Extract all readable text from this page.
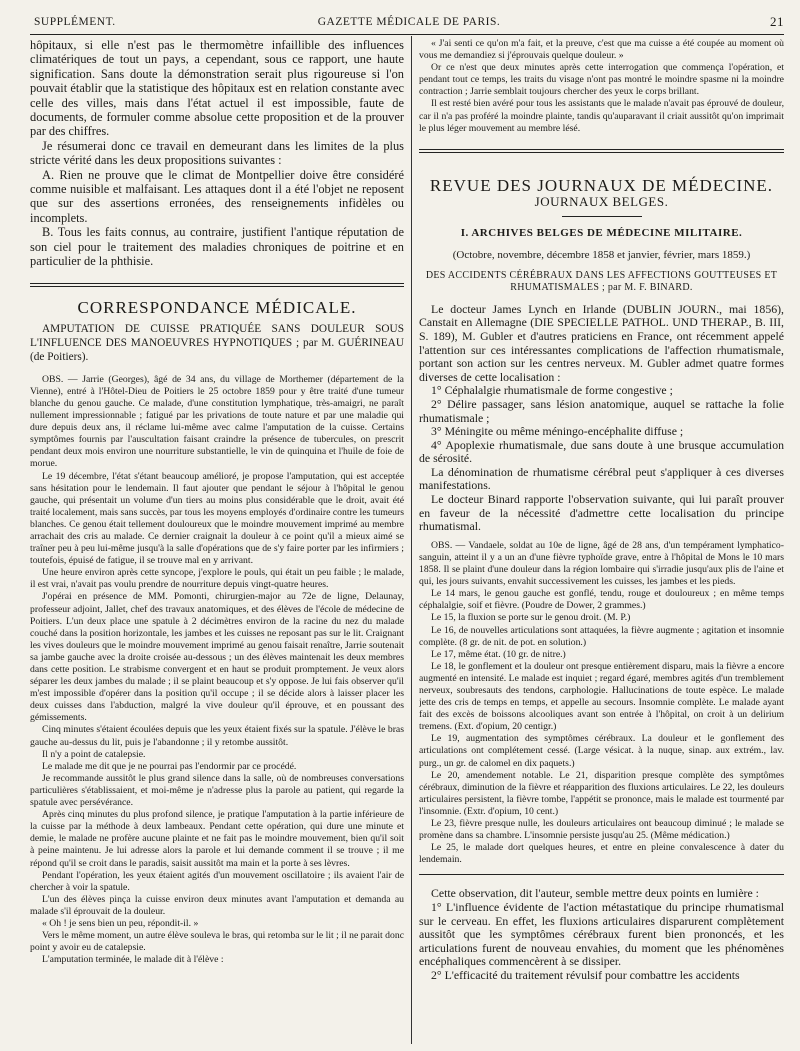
SUPPLÉMENT.	GAZETTE MÉDICALE DE PARIS.	21

hôpitaux, si elle n'est pas le thermomètre infaillible des influences climatériques de tout un pays, a cependant, sous ce rapport, une haute signification. Sans doute la démonstration serait plus rigoureuse si l'on pouvait établir que la statistique des hôpitaux est en relation constante avec celle des villes, mais dans l'état actuel il est impossible, faute de documents, de formuler comme absolue cette proposition et de la prouver par des chiffres.

Je résumerai donc ce travail en demeurant dans les limites de la plus stricte vérité dans les deux propositions suivantes :

A. Rien ne prouve que le climat de Montpellier doive être considéré comme nuisible et malfaisant. Les attaques dont il a été l'objet ne reposent que sur des assertions erronées, des renseignements infidèles ou incomplets.

B. Tous les faits connus, au contraire, justifient l'antique réputation de son ciel pour le traitement des maladies chroniques de poitrine et en particulier de la phthisie.

CORRESPONDANCE MÉDICALE.
AMPUTATION DE CUISSE PRATIQUÉE SANS DOULEUR SOUS L'INFLUENCE DES MANOEUVRES HYPNOTIQUES ; par M. GUÉRINEAU (de Poitiers).

OBS. — Jarrie (Georges), âgé de 34 ans, du village de Morthemer (département de la Vienne), entré à l'Hôtel-Dieu de Poitiers le 25 octobre 1859 pour y être traité d'une tumeur blanche du genou gauche. Ce malade, d'une constitution lymphatique, très-amaigri, ne paraît nullement impressionnable ; fatigué par les privations de toute nature et par une maladie qui dure depuis deux ans, il réclame lui-même avec calme l'amputation de la cuisse. Certains symptômes fournis par l'auscultation faisant craindre la présence de tubercules, on prescrit pendant deux mois environ une nourriture substantielle, le vin de quinquina et l'huile de foie de morue.

Le 19 décembre, l'état s'étant beaucoup amélioré, je propose l'amputation, qui est acceptée sans hésitation pour le lendemain. Il faut ajouter que pendant le séjour à l'hôpital le genou gauche, qui présentait un volume d'un tiers au moins plus considérable que le droit, avait été traité localement, mais sans succès, par tous les moyens employés d'ordinaire contre les tumeurs blanches. Ce genou était tellement douloureux que le moindre mouvement imprimé au membre arrachait des cris au malade. Ce dernier craignait la douleur à ce point qu'il a mieux aimé se traîner peu à peu lui-même jusqu'à la salle d'opérations que de s'y faire porter par les infirmiers ; toutefois, épuisé de fatigue, il se trouve mal en y arrivant.

Une heure environ après cette syncope, j'explore le pouls, qui était un peu faible ; le malade, il est vrai, n'avait pas voulu prendre de nourriture depuis vingt-quatre heures.

J'opérai en présence de MM. Pomonti, chirurgien-major au 72e de ligne, Delaunay, professeur adjoint, Jallet, chef des travaux anatomiques, et des élèves de l'école de médecine de Poitiers. L'un deux place une spatule à 2 décimètres environ de la racine du nez du malade couché dans la position horizontale, les jambes et les cuisses ne reposant pas sur le lit. Craignant les vives douleurs que le moindre mouvement imprimé au genou faisait renaître, Jarrie soutenait sa jambe gauche avec la droite croisée au-dessous ; un des élèves maintenait les deux membres dans cette position. Le strabisme convergent et en haut se produit promptement. Je veux alors séparer les deux jambes du malade ; il se plaint beaucoup et s'y oppose. Je lui fais observer qu'il m'est impossible d'opérer dans la position qu'il occupe ; il se décide alors à laisser placer les deux cuisses dans l'abduction, malgré la vive douleur qu'il éprouve, et en poussant des gémissements.

Cinq minutes s'étaient écoulées depuis que les yeux étaient fixés sur la spatule. J'élève le bras gauche au-dessus du lit, puis je l'abandonne ; il y retombe aussitôt.

Il n'y a point de catalepsie.

Le malade me dit que je ne pourrai pas l'endormir par ce procédé.

Je recommande aussitôt le plus grand silence dans la salle, où de nombreuses conversations particulières s'établissaient, et moi-même je n'adresse plus la parole au patient, qui regarde la spatule avec persévérance.

Après cinq minutes du plus profond silence, je pratique l'amputation à la partie inférieure de la cuisse par la méthode à deux lambeaux. Pendant cette opération, qui dure une minute et demie, le malade ne profère aucune plainte et ne fait pas le moindre mouvement, bien qu'il soit à peine maintenu. Je lui adresse alors la parole et lui demande comment il se trouve ; il me répond qu'il se croit dans le paradis, saisit aussitôt ma main et la porte à ses lèvres.

Pendant l'opération, les yeux étaient agités d'un mouvement oscillatoire ; ils avaient l'air de chercher à voir la spatule.

L'un des élèves pinça la cuisse environ deux minutes avant l'amputation et demanda au malade s'il éprouvait de la douleur.

« Oh ! je sens bien un peu, répondit-il. »

Vers le même moment, un autre élève souleva le bras, qui retomba sur le lit ; il ne parait donc point y avoir eu de catalepsie.

L'amputation terminée, le malade dit à l'élève :

« J'ai senti ce qu'on m'a fait, et la preuve, c'est que ma cuisse a été coupée au moment où vous me demandiez si j'éprouvais quelque douleur. »

Or ce n'est que deux minutes après cette interrogation que commença l'opération, et pendant tout ce temps, les traits du visage n'ont pas montré le moindre spasme ni la moindre contraction ; Jarrie semblait toujours chercher des yeux le corps brillant.

Il est resté bien avéré pour tous les assistants que le malade n'avait pas éprouvé de douleur, car il n'a pas proféré la moindre plainte, tandis qu'auparavant il criait aussitôt qu'on imprimait le plus léger mouvement au membre lésé.

REVUE DES JOURNAUX DE MÉDECINE.
JOURNAUX BELGES.
I. ARCHIVES BELGES DE MÉDECINE MILITAIRE.
(Octobre, novembre, décembre 1858 et janvier, février, mars 1859.)
DES ACCIDENTS CÉRÉBRAUX DANS LES AFFECTIONS GOUTTEUSES ET RHUMATISMALES ; par M. F. BINARD.

Le docteur James Lynch en Irlande (DUBLIN JOURN., mai 1856), Canstait en Allemagne (DIE SPECIELLE PATHOL. UND THERAP., B. III, S. 189), M. Gubler et d'autres praticiens en France, ont récemment appelé l'attention sur ces intéressantes complications de l'affection rhumatismale, portant son action sur les centres nerveux. M. Gubler admet quatre formes diverses de cette localisation :

1° Céphalalgie rhumatismale de forme congestive ;

2° Délire passager, sans lésion anatomique, auquel se rattache la folie rhumatismale ;

3° Méningite ou même méningo-encéphalite diffuse ;

4° Apoplexie rhumatismale, due sans doute à une brusque accumulation de sérosité.

La dénomination de rhumatisme cérébral peut s'appliquer à ces diverses manifestations.

Le docteur Binard rapporte l'observation suivante, qui lui paraît prouver en faveur de la nécessité d'admettre cette localisation du principe rhumatismal.

OBS. — Vandaele, soldat au 10e de ligne, âgé de 28 ans, d'un tempérament lymphatico-sanguin, atteint il y a un an d'une fièvre typhoïde grave, entre à l'hôpital de Mons le 10 mars 1858. Il se plaint d'une douleur dans la région lombaire qui s'irradie jusqu'aux plis de l'aine et qui, les jours suivants, envahit successivement les cuisses, les jambes et les pieds.

Le 14 mars, le genou gauche est gonflé, tendu, rouge et douloureux ; en même temps céphalalgie, soif et fièvre. (Poudre de Dower, 2 grammes.)

Le 15, la fluxion se porte sur le genou droit. (M. P.)

Le 16, de nouvelles articulations sont attaquées, la fièvre augmente ; agitation et insomnie complète. (8 gr. de nit. de pot. en solution.)

Le 17, même état. (10 gr. de nitre.)

Le 18, le gonflement et la douleur ont presque entièrement disparu, mais la fièvre a encore augmenté en intensité. Le malade est inquiet ; regard égaré, membres agités d'un tremblement nerveux, soubresauts des tendons, carphologie. Hallucinations de toute espèce. Le malade jette des cris de temps en temps, et appelle au secours. Insomnie complète. Le malade ayant fait des excès de boissons alcooliques avant son entrée à l'hôpital, on croit à un delirium tremens. (Ext. d'opium, 20 centigr.)

Le 19, augmentation des symptômes cérébraux. La douleur et le gonflement des articulations ont complétement cessé. (Large vésicat. à la nuque, sinap. aux extrém., lav. purg., un gr. de calomel en dix paquets.)

Le 20, amendement notable. Le 21, disparition presque complète des symptômes cérébraux, diminution de la fièvre et réapparition des fluxions articulaires. Le 22, les douleurs articulaires persistent, la fièvre tombe, l'appétit se prononce, mais le malade est tourmenté par l'insomnie. (Extr. d'opium, 10 cent.)

Le 23, fièvre presque nulle, les douleurs articulaires ont beaucoup diminué ; le malade se promène dans sa chambre. L'insomnie persiste jusqu'au 25. (Même médication.)

Le 25, le malade dort quelques heures, et entre en pleine convalescence à dater du lendemain.

Cette observation, dit l'auteur, semble mettre deux points en lumière :

1° L'influence évidente de l'action métastatique du principe rhumatismal sur le cerveau. En effet, les fluxions articulaires disparurent complètement aussitôt que les symptômes cérébraux furent bien prononcés, et les articulations furent de nouveau envahies, du moment que les phénomènes encéphaliques commencèrent à se dissiper.

2° L'efficacité du traitement révulsif pour combattre les accidents
